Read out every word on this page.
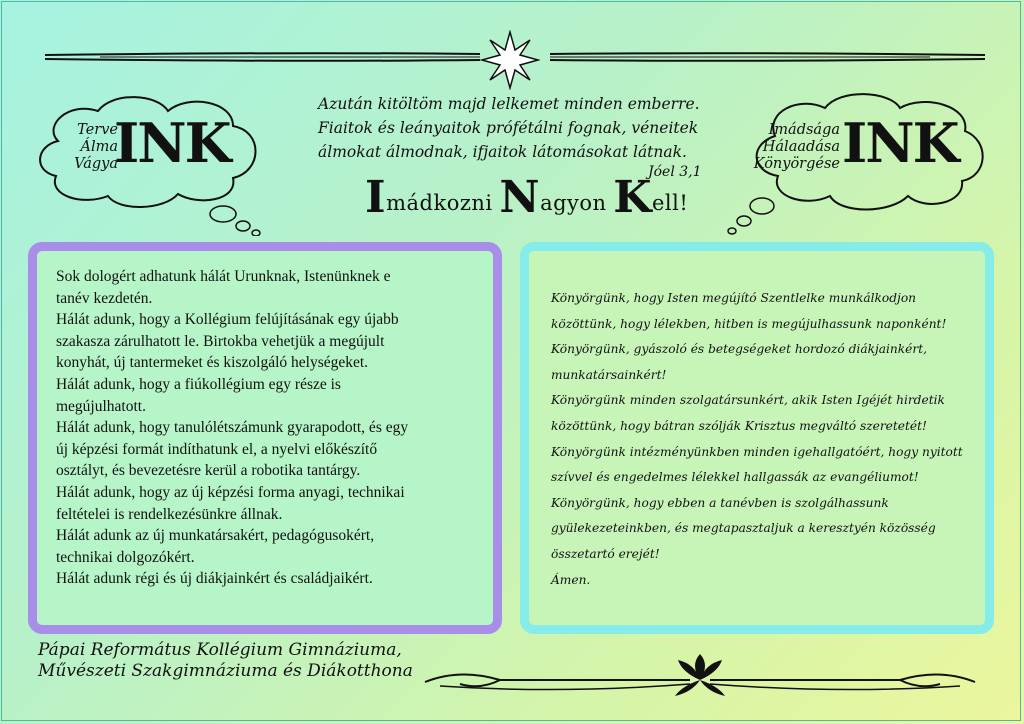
Terve
Álma
Vágya
INK	Imádsága
Hálaadása
Könyörgése INK
Azután kitöltöm majd lelkemet minden emberre.
Fiaitok és leányaitok prófétálni fognak, véneitek
álmokat álmodnak, ifjaitok látomásokat látnak.
Jóel 3,1
Imádkozni Nagyon Kell!
Sok dologért adhatunk hálát Urunknak, Istenünknek e
tanév kezdetén.
Hálát adunk, hogy a Kollégium felújításának egy újabb
szakasza zárulhatott le. Birtokba vehetjük a megújult
konyhát, új tantermeket és kiszolgáló helységeket.
Hálát adunk, hogy a fiúkollégium egy része is
megújulhatott.
Hálát adunk, hogy tanulólétszámunk gyarapodott, és egy
új képzési formát indíthatunk el, a nyelvi előkészítő
osztályt, és bevezetésre kerül a robotika tantárgy.
Hálát adunk, hogy az új képzési forma anyagi, technikai
feltételei is rendelkezésünkre állnak.
Hálát adunk az új munkatársakért, pedagógusokért,
technikai dolgozókért.
Hálát adunk régi és új diákjainkért és családjaikért.
Könyörgünk, hogy Isten megújító Szentlelke munkálkodjon
közöttünk, hogy lélekben, hitben is megújulhassunk naponként!
Könyörgünk, gyászoló és betegségeket hordozó diákjainkért,
munkatársainkért!
Könyörgünk minden szolgatársunkért, akik Isten Igéjét hirdetik
közöttünk, hogy bátran szólják Krisztus megváltó szeretetét!
Könyörgünk intézményünkben minden igehallgatóért, hogy nyitott
szívvel és engedelmes lélekkel hallgassák az evangéliumot!
Könyörgünk, hogy ebben a tanévben is szolgálhassunk
gyülekezeteinkben, és megtapasztaljuk a keresztyén közösség
összetartó erejét!
Ámen.
Pápai Református Kollégium Gimnáziuma,
Művészeti Szakgimnáziuma és Diákotthona
